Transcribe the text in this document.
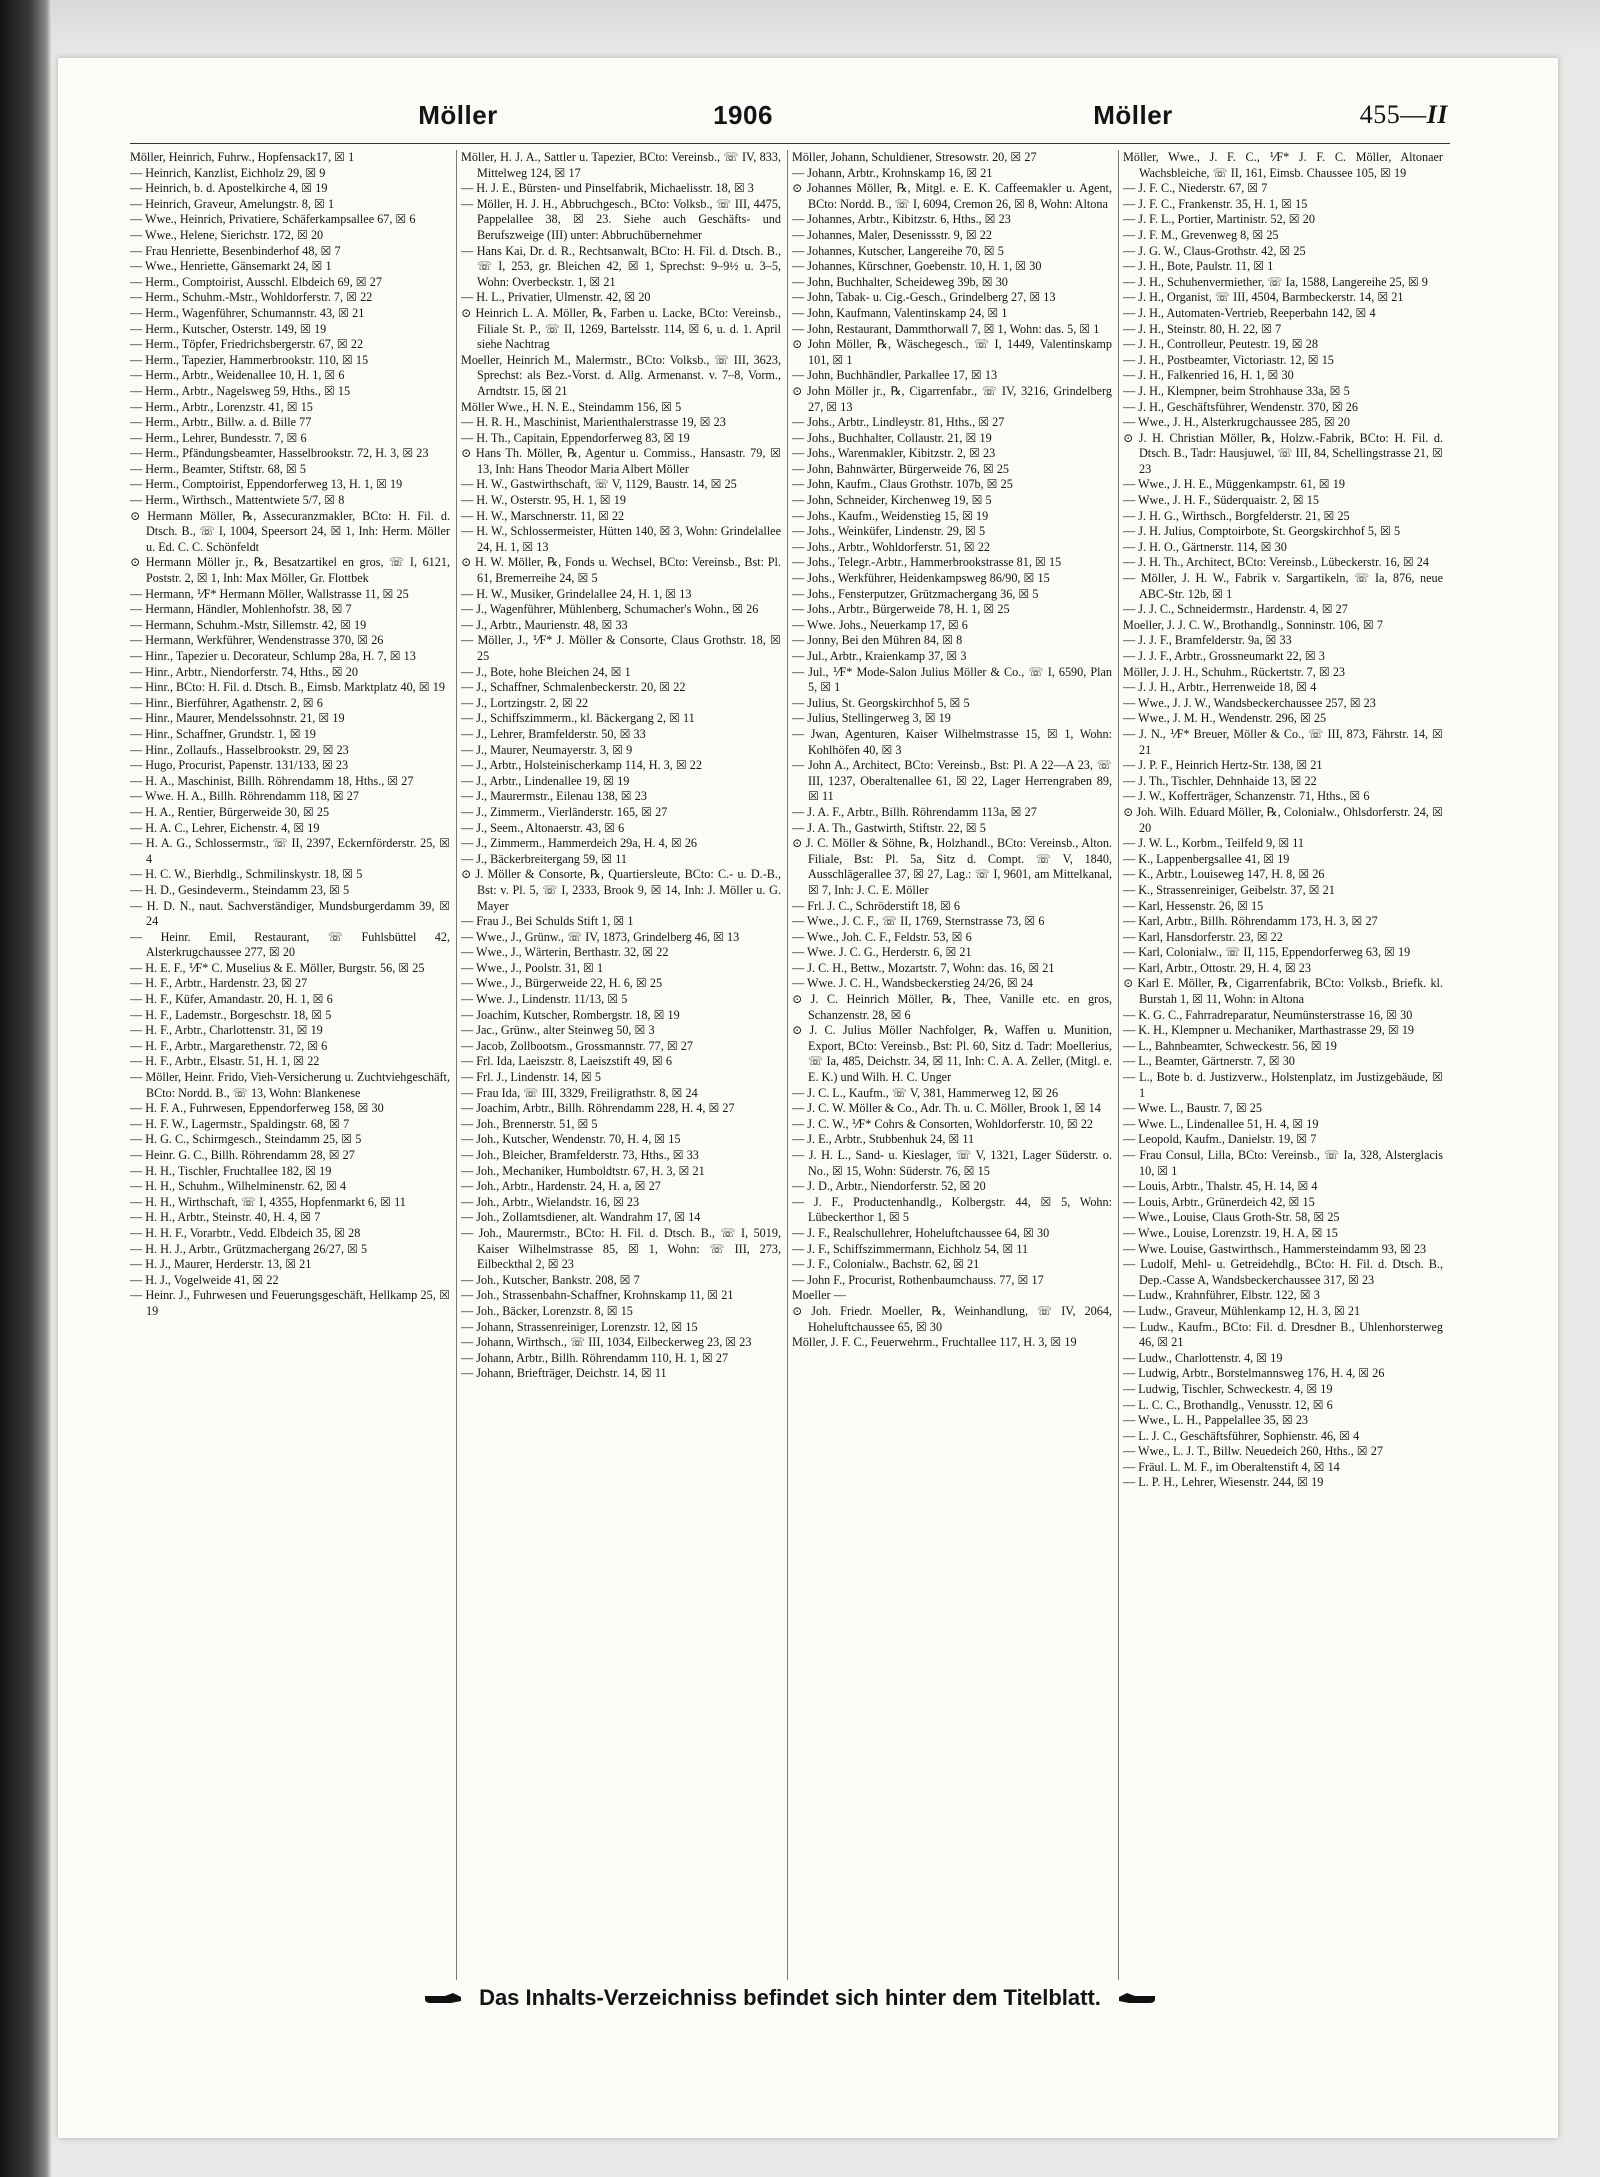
Möller	1906	Möller	455—II

Möller, Heinrich, Fuhrw., Hopfensack17, ☒ 1

— Heinrich, Kanzlist, Eichholz 29, ☒ 9

— Heinrich, b. d. Apostelkirche 4, ☒ 19

— Heinrich, Graveur, Amelungstr. 8, ☒ 1

— Wwe., Heinrich, Privatiere, Schäferkampsallee 67, ☒ 6

— Wwe., Helene, Sierichstr. 172, ☒ 20

— Frau Henriette, Besenbinderhof 48, ☒ 7

— Wwe., Henriette, Gänsemarkt 24, ☒ 1

— Herm., Comptoirist, Ausschl. Elbdeich 69, ☒ 27

— Herm., Schuhm.-Mstr., Wohldorferstr. 7, ☒ 22

— Herm., Wagenführer, Schumannstr. 43, ☒ 21

— Herm., Kutscher, Osterstr. 149, ☒ 19

— Herm., Töpfer, Friedrichsbergerstr. 67, ☒ 22

— Herm., Tapezier, Hammerbrookstr. 110, ☒ 15

— Herm., Arbtr., Weidenallee 10, H. 1, ☒ 6

— Herm., Arbtr., Nagelsweg 59, Hths., ☒ 15

— Herm., Arbtr., Lorenzstr. 41, ☒ 15

— Herm., Arbtr., Billw. a. d. Bille 77

— Herm., Lehrer, Bundesstr. 7, ☒ 6

— Herm., Pfändungsbeamter, Hasselbrookstr. 72, H. 3, ☒ 23

— Herm., Beamter, Stiftstr. 68, ☒ 5

— Herm., Comptoirist, Eppendorferweg 13, H. 1, ☒ 19

— Herm., Wirthsch., Mattentwiete 5/7, ☒ 8

⊙ Hermann Möller, ℞, Assecuranzmakler, BCto: H. Fil. d. Dtsch. B., ☏ I, 1004, Speersort 24, ☒ 1, Inh: Herm. Möller u. Ed. C. C. Schönfeldt

⊙ Hermann Möller jr., ℞, Besatzartikel en gros, ☏ I, 6121, Poststr. 2, ☒ 1, Inh: Max Möller, Gr. Flottbek

— Hermann, ⅟F* Hermann Möller, Wallstrasse 11, ☒ 25

— Hermann, Händler, Mohlenhofstr. 38, ☒ 7

— Hermann, Schuhm.-Mstr, Sillemstr. 42, ☒ 19

— Hermann, Werkführer, Wendenstrasse 370, ☒ 26

— Hinr., Tapezier u. Decorateur, Schlump 28a, H. 7, ☒ 13

— Hinr., Arbtr., Niendorferstr. 74, Hths., ☒ 20

— Hinr., BCto: H. Fil. d. Dtsch. B., Eimsb. Marktplatz 40, ☒ 19

— Hinr., Bierführer, Agathenstr. 2, ☒ 6

— Hinr., Maurer, Mendelssohnstr. 21, ☒ 19

— Hinr., Schaffner, Grundstr. 1, ☒ 19

— Hinr., Zollaufs., Hasselbrookstr. 29, ☒ 23

— Hugo, Procurist, Papenstr. 131/133, ☒ 23

— H. A., Maschinist, Billh. Röhrendamm 18, Hths., ☒ 27

— Wwe. H. A., Billh. Röhrendamm 118, ☒ 27

— H. A., Rentier, Bürgerweide 30, ☒ 25

— H. A. C., Lehrer, Eichenstr. 4, ☒ 19

— H. A. G., Schlossermstr., ☏ II, 2397, Eckernförderstr. 25, ☒ 4

— H. C. W., Bierhdlg., Schmilinskystr. 18, ☒ 5

— H. D., Gesindeverm., Steindamm 23, ☒ 5

— H. D. N., naut. Sachverständiger, Mundsburgerdamm 39, ☒ 24

— Heinr. Emil, Restaurant, ☏ Fuhlsbüttel 42, Alsterkrugchaussee 277, ☒ 20

— H. E. F., ⅟F* C. Muselius & E. Möller, Burgstr. 56, ☒ 25

— H. F., Arbtr., Hardenstr. 23, ☒ 27

— H. F., Küfer, Amandastr. 20, H. 1, ☒ 6

— H. F., Lademstr., Borgeschstr. 18, ☒ 5

— H. F., Arbtr., Charlottenstr. 31, ☒ 19

— H. F., Arbtr., Margarethenstr. 72, ☒ 6

— H. F., Arbtr., Elsastr. 51, H. 1, ☒ 22

— Möller, Heinr. Frido, Vieh-Versicherung u. Zuchtviehgeschäft, BCto: Nordd. B., ☏ 13, Wohn: Blankenese

— H. F. A., Fuhrwesen, Eppendorferweg 158, ☒ 30

— H. F. W., Lagermstr., Spaldingstr. 68, ☒ 7

— H. G. C., Schirmgesch., Steindamm 25, ☒ 5

— Heinr. G. C., Billh. Röhrendamm 28, ☒ 27

— H. H., Tischler, Fruchtallee 182, ☒ 19

— H. H., Schuhm., Wilhelminenstr. 62, ☒ 4

— H. H., Wirthschaft, ☏ I, 4355, Hopfenmarkt 6, ☒ 11

— H. H., Arbtr., Steinstr. 40, H. 4, ☒ 7

— H. H. F., Vorarbtr., Vedd. Elbdeich 35, ☒ 28

— H. H. J., Arbtr., Grützmachergang 26/27, ☒ 5

— H. J., Maurer, Herderstr. 13, ☒ 21

— H. J., Vogelweide 41, ☒ 22

— Heinr. J., Fuhrwesen und Feuerungsgeschäft, Hellkamp 25, ☒ 19

Möller, H. J. A., Sattler u. Tapezier, BCto: Vereinsb., ☏ IV, 833, Mittelweg 124, ☒ 17

— H. J. E., Bürsten- und Pinselfabrik, Michaelisstr. 18, ☒ 3

— Möller, H. J. H., Abbruchgesch., BCto: Volksb., ☏ III, 4475, Pappelallee 38, ☒ 23. Siehe auch Geschäfts- und Berufszweige (III) unter: Abbruchübernehmer

— Hans Kai, Dr. d. R., Rechtsanwalt, BCto: H. Fil. d. Dtsch. B., ☏ I, 253, gr. Bleichen 42, ☒ 1, Sprechst: 9–9½ u. 3–5, Wohn: Overbeckstr. 1, ☒ 21

— H. L., Privatier, Ulmenstr. 42, ☒ 20

⊙ Heinrich L. A. Möller, ℞, Farben u. Lacke, BCto: Vereinsb., Filiale St. P., ☏ II, 1269, Bartelsstr. 114, ☒ 6, u. d. 1. April siehe Nachtrag

Moeller, Heinrich M., Malermstr., BCto: Volksb., ☏ III, 3623, Sprechst: als Bez.-Vorst. d. Allg. Armenanst. v. 7–8, Vorm., Arndtstr. 15, ☒ 21

Möller Wwe., H. N. E., Steindamm 156, ☒ 5

— H. R. H., Maschinist, Marienthalerstrasse 19, ☒ 23

— H. Th., Capitain, Eppendorferweg 83, ☒ 19

⊙ Hans Th. Möller, ℞, Agentur u. Commiss., Hansastr. 79, ☒ 13, Inh: Hans Theodor Maria Albert Möller

— H. W., Gastwirthschaft, ☏ V, 1129, Baustr. 14, ☒ 25

— H. W., Osterstr. 95, H. 1, ☒ 19

— H. W., Marschnerstr. 11, ☒ 22

— H. W., Schlossermeister, Hütten 140, ☒ 3, Wohn: Grindelallee 24, H. 1, ☒ 13

⊙ H. W. Möller, ℞, Fonds u. Wechsel, BCto: Vereinsb., Bst: Pl. 61, Bremerreihe 24, ☒ 5

— H. W., Musiker, Grindelallee 24, H. 1, ☒ 13

— J., Wagenführer, Mühlenberg, Schumacher's Wohn., ☒ 26

— J., Arbtr., Maurienstr. 48, ☒ 33

— Möller, J., ⅟F* J. Möller & Consorte, Claus Grothstr. 18, ☒ 25

— J., Bote, hohe Bleichen 24, ☒ 1

— J., Schaffner, Schmalenbeckerstr. 20, ☒ 22

— J., Lortzingstr. 2, ☒ 22

— J., Schiffszimmerm., kl. Bäckergang 2, ☒ 11

— J., Lehrer, Bramfelderstr. 50, ☒ 33

— J., Maurer, Neumayerstr. 3, ☒ 9

— J., Arbtr., Holsteinischerkamp 114, H. 3, ☒ 22

— J., Arbtr., Lindenallee 19, ☒ 19

— J., Maurermstr., Eilenau 138, ☒ 23

— J., Zimmerm., Vierländerstr. 165, ☒ 27

— J., Seem., Altonaerstr. 43, ☒ 6

— J., Zimmerm., Hammerdeich 29a, H. 4, ☒ 26

— J., Bäckerbreitergang 59, ☒ 11

⊙ J. Möller & Consorte, ℞, Quartiersleute, BCto: C.- u. D.-B., Bst: v. Pl. 5, ☏ I, 2333, Brook 9, ☒ 14, Inh: J. Möller u. G. Mayer

— Frau J., Bei Schulds Stift 1, ☒ 1

— Wwe., J., Grünw., ☏ IV, 1873, Grindelberg 46, ☒ 13

— Wwe., J., Wärterin, Berthastr. 32, ☒ 22

— Wwe., J., Poolstr. 31, ☒ 1

— Wwe., J., Bürgerweide 22, H. 6, ☒ 25

— Wwe. J., Lindenstr. 11/13, ☒ 5

— Joachim, Kutscher, Rombergstr. 18, ☒ 19

— Jac., Grünw., alter Steinweg 50, ☒ 3

— Jacob, Zollbootsm., Grossmannstr. 77, ☒ 27

— Frl. Ida, Laeiszstr. 8, Laeiszstift 49, ☒ 6

— Frl. J., Lindenstr. 14, ☒ 5

— Frau Ida, ☏ III, 3329, Freiligrathstr. 8, ☒ 24

— Joachim, Arbtr., Billh. Röhrendamm 228, H. 4, ☒ 27

— Joh., Brennerstr. 51, ☒ 5

— Joh., Kutscher, Wendenstr. 70, H. 4, ☒ 15

— Joh., Bleicher, Bramfelderstr. 73, Hths., ☒ 33

— Joh., Mechaniker, Humboldtstr. 67, H. 3, ☒ 21

— Joh., Arbtr., Hardenstr. 24, H. a, ☒ 27

— Joh., Arbtr., Wielandstr. 16, ☒ 23

— Joh., Zollamtsdiener, alt. Wandrahm 17, ☒ 14

— Joh., Maurermstr., BCto: H. Fil. d. Dtsch. B., ☏ I, 5019, Kaiser Wilhelmstrasse 85, ☒ 1, Wohn: ☏ III, 273, Eilbeckthal 2, ☒ 23

— Joh., Kutscher, Bankstr. 208, ☒ 7

— Joh., Strassenbahn-Schaffner, Krohnskamp 11, ☒ 21

— Joh., Bäcker, Lorenzstr. 8, ☒ 15

— Johann, Strassenreiniger, Lorenzstr. 12, ☒ 15

— Johann, Wirthsch., ☏ III, 1034, Eilbeckerweg 23, ☒ 23

— Johann, Arbtr., Billh. Röhrendamm 110, H. 1, ☒ 27

— Johann, Briefträger, Deichstr. 14, ☒ 11

Möller, Johann, Schuldiener, Stresowstr. 20, ☒ 27

— Johann, Arbtr., Krohnskamp 16, ☒ 21

⊙ Johannes Möller, ℞, Mitgl. e. E. K. Caffeemakler u. Agent, BCto: Nordd. B., ☏ I, 6094, Cremon 26, ☒ 8, Wohn: Altona

— Johannes, Arbtr., Kibitzstr. 6, Hths., ☒ 23

— Johannes, Maler, Desenissstr. 9, ☒ 22

— Johannes, Kutscher, Langereihe 70, ☒ 5

— Johannes, Kürschner, Goebenstr. 10, H. 1, ☒ 30

— John, Buchhalter, Scheideweg 39b, ☒ 30

— John, Tabak- u. Cig.-Gesch., Grindelberg 27, ☒ 13

— John, Kaufmann, Valentinskamp 24, ☒ 1

— John, Restaurant, Dammthorwall 7, ☒ 1, Wohn: das. 5, ☒ 1

⊙ John Möller, ℞, Wäschegesch., ☏ I, 1449, Valentinskamp 101, ☒ 1

— John, Buchhändler, Parkallee 17, ☒ 13

⊙ John Möller jr., ℞, Cigarrenfabr., ☏ IV, 3216, Grindelberg 27, ☒ 13

— Johs., Arbtr., Lindleystr. 81, Hths., ☒ 27

— Johs., Buchhalter, Collaustr. 21, ☒ 19

— Johs., Warenmakler, Kibitzstr. 2, ☒ 23

— John, Bahnwärter, Bürgerweide 76, ☒ 25

— John, Kaufm., Claus Grothstr. 107b, ☒ 25

— John, Schneider, Kirchenweg 19, ☒ 5

— Johs., Kaufm., Weidenstieg 15, ☒ 19

— Johs., Weinküfer, Lindenstr. 29, ☒ 5

— Johs., Arbtr., Wohldorferstr. 51, ☒ 22

— Johs., Telegr.-Arbtr., Hammerbrookstrasse 81, ☒ 15

— Johs., Werkführer, Heidenkampsweg 86/90, ☒ 15

— Johs., Fensterputzer, Grützmachergang 36, ☒ 5

— Johs., Arbtr., Bürgerweide 78, H. 1, ☒ 25

— Wwe. Johs., Neuerkamp 17, ☒ 6

— Jonny, Bei den Mühren 84, ☒ 8

— Jul., Arbtr., Kraienkamp 37, ☒ 3

— Jul., ⅟F* Mode-Salon Julius Möller & Co., ☏ I, 6590, Plan 5, ☒ 1

— Julius, St. Georgskirchhof 5, ☒ 5

— Julius, Stellingerweg 3, ☒ 19

— Jwan, Agenturen, Kaiser Wilhelmstrasse 15, ☒ 1, Wohn: Kohlhöfen 40, ☒ 3

— John A., Architect, BCto: Vereinsb., Bst: Pl. A 22—A 23, ☏ III, 1237, Oberaltenallee 61, ☒ 22, Lager Herrengraben 89, ☒ 11

— J. A. F., Arbtr., Billh. Röhrendamm 113a, ☒ 27

— J. A. Th., Gastwirth, Stiftstr. 22, ☒ 5

⊙ J. C. Möller & Söhne, ℞, Holzhandl., BCto: Vereinsb., Alton. Filiale, Bst: Pl. 5a, Sitz d. Compt. ☏ V, 1840, Ausschlägerallee 37, ☒ 27, Lag.: ☏ I, 9601, am Mittelkanal, ☒ 7, Inh: J. C. E. Möller

— Frl. J. C., Schröderstift 18, ☒ 6

— Wwe., J. C. F., ☏ II, 1769, Sternstrasse 73, ☒ 6

— Wwe., Joh. C. F., Feldstr. 53, ☒ 6

— Wwe. J. C. G., Herderstr. 6, ☒ 21

— J. C. H., Bettw., Mozartstr. 7, Wohn: das. 16, ☒ 21

— Wwe. J. C. H., Wandsbeckerstieg 24/26, ☒ 24

⊙ J. C. Heinrich Möller, ℞, Thee, Vanille etc. en gros, Schanzenstr. 28, ☒ 6

⊙ J. C. Julius Möller Nachfolger, ℞, Waffen u. Munition, Export, BCto: Vereinsb., Bst: Pl. 60, Sitz d. Tadr: Moellerius, ☏ Ia, 485, Deichstr. 34, ☒ 11, Inh: C. A. A. Zeller, (Mitgl. e. E. K.) und Wilh. H. C. Unger

— J. C. L., Kaufm., ☏ V, 381, Hammerweg 12, ☒ 26

— J. C. W. Möller & Co., Adr. Th. u. C. Möller, Brook 1, ☒ 14

— J. C. W., ⅟F* Cohrs & Consorten, Wohldorferstr. 10, ☒ 22

— J. E., Arbtr., Stubbenhuk 24, ☒ 11

— J. H. L., Sand- u. Kieslager, ☏ V, 1321, Lager Süderstr. o. No., ☒ 15, Wohn: Süderstr. 76, ☒ 15

— J. D., Arbtr., Niendorferstr. 52, ☒ 20

— J. F., Productenhandlg., Kolbergstr. 44, ☒ 5, Wohn: Lübeckerthor 1, ☒ 5

— J. F., Realschullehrer, Hoheluftchaussee 64, ☒ 30

— J. F., Schiffszimmermann, Eichholz 54, ☒ 11

— J. F., Colonialw., Bachstr. 62, ☒ 21

— John F., Procurist, Rothenbaumchauss. 77, ☒ 17

Moeller —

⊙ Joh. Friedr. Moeller, ℞, Weinhandlung, ☏ IV, 2064, Hoheluftchaussee 65, ☒ 30

Möller, J. F. C., Feuerwehrm., Fruchtallee 117, H. 3, ☒ 19

Möller, Wwe., J. F. C., ⅟F* J. F. C. Möller, Altonaer Wachsbleiche, ☏ II, 161, Eimsb. Chaussee 105, ☒ 19

— J. F. C., Niederstr. 67, ☒ 7

— J. F. C., Frankenstr. 35, H. 1, ☒ 15

— J. F. L., Portier, Martinistr. 52, ☒ 20

— J. F. M., Grevenweg 8, ☒ 25

— J. G. W., Claus-Grothstr. 42, ☒ 25

— J. H., Bote, Paulstr. 11, ☒ 1

— J. H., Schuhenvermiether, ☏ Ia, 1588, Langereihe 25, ☒ 9

— J. H., Organist, ☏ III, 4504, Barmbeckerstr. 14, ☒ 21

— J. H., Automaten-Vertrieb, Reeperbahn 142, ☒ 4

— J. H., Steinstr. 80, H. 22, ☒ 7

— J. H., Controlleur, Peutestr. 19, ☒ 28

— J. H., Postbeamter, Victoriastr. 12, ☒ 15

— J. H., Falkenried 16, H. 1, ☒ 30

— J. H., Klempner, beim Strohhause 33a, ☒ 5

— J. H., Geschäftsführer, Wendenstr. 370, ☒ 26

— Wwe., J. H., Alsterkrugchaussee 285, ☒ 20

⊙ J. H. Christian Möller, ℞, Holzw.-Fabrik, BCto: H. Fil. d. Dtsch. B., Tadr: Hausjuwel, ☏ III, 84, Schellingstrasse 21, ☒ 23

— Wwe., J. H. E., Müggenkampstr. 61, ☒ 19

— Wwe., J. H. F., Süderquaistr. 2, ☒ 15

— J. H. G., Wirthsch., Borgfelderstr. 21, ☒ 25

— J. H. Julius, Comptoirbote, St. Georgskirchhof 5, ☒ 5

— J. H. O., Gärtnerstr. 114, ☒ 30

— J. H. Th., Architect, BCto: Vereinsb., Lübeckerstr. 16, ☒ 24

— Möller, J. H. W., Fabrik v. Sargartikeln, ☏ Ia, 876, neue ABC-Str. 12b, ☒ 1

— J. J. C., Schneidermstr., Hardenstr. 4, ☒ 27

Moeller, J. J. C. W., Brothandlg., Sonninstr. 106, ☒ 7

— J. J. F., Bramfelderstr. 9a, ☒ 33

— J. J. F., Arbtr., Grossneumarkt 22, ☒ 3

Möller, J. J. H., Schuhm., Rückertstr. 7, ☒ 23

— J. J. H., Arbtr., Herrenweide 18, ☒ 4

— Wwe., J. J. W., Wandsbeckerchaussee 257, ☒ 23

— Wwe., J. M. H., Wendenstr. 296, ☒ 25

— J. N., ⅟F* Breuer, Möller & Co., ☏ III, 873, Fährstr. 14, ☒ 21

— J. P. F., Heinrich Hertz-Str. 138, ☒ 21

— J. Th., Tischler, Dehnhaide 13, ☒ 22

— J. W., Kofferträger, Schanzenstr. 71, Hths., ☒ 6

⊙ Joh. Wilh. Eduard Möller, ℞, Colonialw., Ohlsdorferstr. 24, ☒ 20

— J. W. L., Korbm., Teilfeld 9, ☒ 11

— K., Lappenbergsallee 41, ☒ 19

— K., Arbtr., Louiseweg 147, H. 8, ☒ 26

— K., Strassenreiniger, Geibelstr. 37, ☒ 21

— Karl, Hessenstr. 26, ☒ 15

— Karl, Arbtr., Billh. Röhrendamm 173, H. 3, ☒ 27

— Karl, Hansdorferstr. 23, ☒ 22

— Karl, Colonialw., ☏ II, 115, Eppendorferweg 63, ☒ 19

— Karl, Arbtr., Ottostr. 29, H. 4, ☒ 23

⊙ Karl E. Möller, ℞, Cigarrenfabrik, BCto: Volksb., Briefk. kl. Burstah 1, ☒ 11, Wohn: in Altona

— K. G. C., Fahrradreparatur, Neumünsterstrasse 16, ☒ 30

— K. H., Klempner u. Mechaniker, Marthastrasse 29, ☒ 19

— L., Bahnbeamter, Schweckestr. 56, ☒ 19

— L., Beamter, Gärtnerstr. 7, ☒ 30

— L., Bote b. d. Justizverw., Holstenplatz, im Justizgebäude, ☒ 1

— Wwe. L., Baustr. 7, ☒ 25

— Wwe. L., Lindenallee 51, H. 4, ☒ 19

— Leopold, Kaufm., Danielstr. 19, ☒ 7

— Frau Consul, Lilla, BCto: Vereinsb., ☏ Ia, 328, Alsterglacis 10, ☒ 1

— Louis, Arbtr., Thalstr. 45, H. 14, ☒ 4

— Louis, Arbtr., Grünerdeich 42, ☒ 15

— Wwe., Louise, Claus Groth-Str. 58, ☒ 25

— Wwe., Louise, Lorenzstr. 19, H. A, ☒ 15

— Wwe. Louise, Gastwirthsch., Hammersteindamm 93, ☒ 23

— Ludolf, Mehl- u. Getreidehdlg., BCto: H. Fil. d. Dtsch. B., Dep.-Casse A, Wandsbeckerchaussee 317, ☒ 23

— Ludw., Krahnführer, Elbstr. 122, ☒ 3

— Ludw., Graveur, Mühlenkamp 12, H. 3, ☒ 21

— Ludw., Kaufm., BCto: Fil. d. Dresdner B., Uhlenhorsterweg 46, ☒ 21

— Ludw., Charlottenstr. 4, ☒ 19

— Ludwig, Arbtr., Borstelmannsweg 176, H. 4, ☒ 26

— Ludwig, Tischler, Schweckestr. 4, ☒ 19

— L. C. C., Brothandlg., Venusstr. 12, ☒ 6

— Wwe., L. H., Pappelallee 35, ☒ 23

— L. J. C., Geschäftsführer, Sophienstr. 46, ☒ 4

— Wwe., L. J. T., Billw. Neuedeich 260, Hths., ☒ 27

— Fräul. L. M. F., im Oberaltenstift 4, ☒ 14

— L. P. H., Lehrer, Wiesenstr. 244, ☒ 19

Das Inhalts-Verzeichniss befindet sich hinter dem Titelblatt.
